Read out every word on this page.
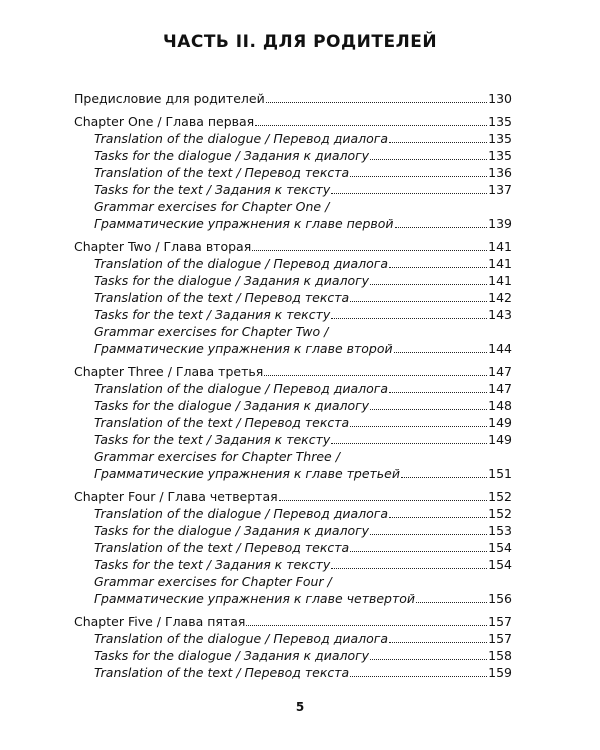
ЧАСТЬ II. ДЛЯ РОДИТЕЛЕЙ
Предисловие для родителей	130
Chapter One / Глава первая	135
Translation of the dialogue / Перевод диалога	135
Tasks for the dialogue / Задания к диалогу	135
Translation of the text / Перевод текста	136
Tasks for the text / Задания к тексту	137
Grammar exercises for Chapter One /
Грамматические упражнения к главе первой	139
Chapter Two / Глава вторая	141
Translation of the dialogue / Перевод диалога	141
Tasks for the dialogue / Задания к диалогу	141
Translation of the text / Перевод текста	142
Tasks for the text / Задания к тексту	143
Grammar exercises for Chapter Two /
Грамматические упражнения к главе второй	144
Chapter Three / Глава третья	147
Translation of the dialogue / Перевод диалога	147
Tasks for the dialogue / Задания к диалогу	148
Translation of the text / Перевод текста	149
Tasks for the text / Задания к тексту	149
Grammar exercises for Chapter Three /
Грамматические упражнения к главе третьей	151
Chapter Four / Глава четвертая	152
Translation of the dialogue / Перевод диалога	152
Tasks for the dialogue / Задания к диалогу	153
Translation of the text / Перевод текста	154
Tasks for the text / Задания к тексту	154
Grammar exercises for Chapter Four /
Грамматические упражнения к главе четвертой	156
Chapter Five / Глава пятая	157
Translation of the dialogue / Перевод диалога	157
Tasks for the dialogue / Задания к диалогу	158
Translation of the text / Перевод текста	159
5
